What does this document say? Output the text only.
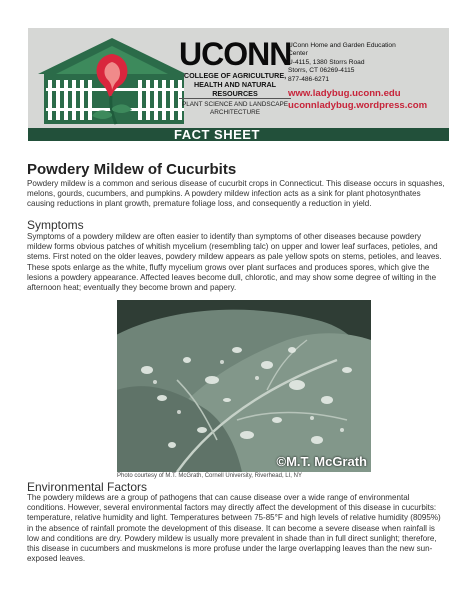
UCONN
COLLEGE OF AGRICULTURE,
HEALTH AND NATURAL
RESOURCES
PLANT SCIENCE AND LANDSCAPE
ARCHITECTURE
UConn Home and Garden Education
Center
U-4115, 1380 Storrs Road
Storrs, CT 06269-4115
877-486-6271
www.ladybug.uconn.edu
uconnladybug.wordpress.com
FACT SHEET
Powdery Mildew of Cucurbits

Powdery mildew is a common and serious disease of cucurbit crops in Connecticut. This disease occurs in squashes, melons, gourds, cucumbers, and pumpkins. A powdery mildew infection acts as a sink for plant photosynthates causing reductions in plant growth, premature foliage loss, and consequently a reduction in yield.

Symptoms

Symptoms of a powdery mildew are often easier to identify than symptoms of other diseases because powdery mildew forms obvious patches of whitish mycelium (resembling talc) on upper and lower leaf surfaces, petioles, and stems. First noted on the older leaves, powdery mildew appears as pale yellow spots on stems, petioles, and leaves. These spots enlarge as the white, fluffy mycelium grows over plant surfaces and produces spores, which give the lesions a powdery appearance. Affected leaves become dull, chlorotic, and may show some degree of wilting in the afternoon heat; eventually they become brown and papery.

©M.T. McGrath
Photo courtesy of M.T. McGrath, Cornell University, Riverhead, LI, NY
Environmental Factors

The powdery mildews are a group of pathogens that can cause disease over a wide range of environmental conditions. However, several environmental factors may directly affect the development of this disease in cucurbits: temperature, relative humidity and light. Temperatures between 75-85°F and high levels of relative humidity (8095%) in the absence of rainfall promote the development of this disease. It can become a severe disease when rainfall is low and conditions are dry. Powdery mildew is usually more prevalent in shade than in full direct sunlight; therefore, this disease in cucumbers and muskmelons is more profuse under the large overlapping leaves than the new sun-exposed leaves.
